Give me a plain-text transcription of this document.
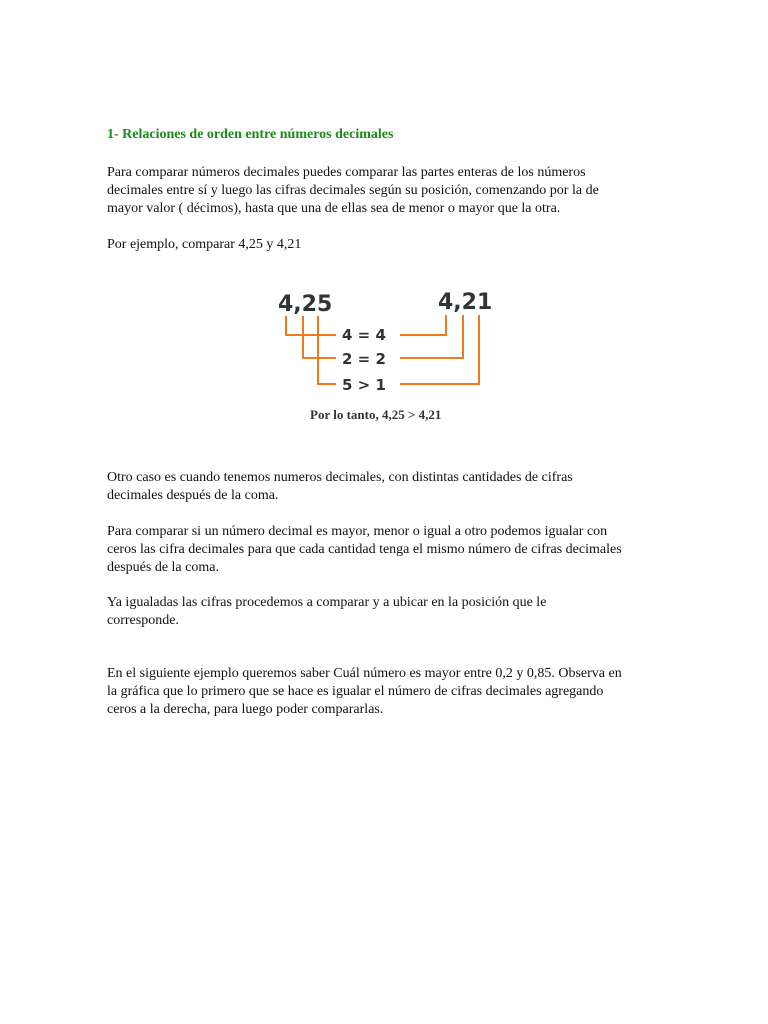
1- Relaciones de orden entre números decimales
Para comparar números decimales puedes comparar las partes enteras de los números
decimales entre sí y luego las cifras decimales según su posición, comenzando por la de
mayor valor ( décimos), hasta que una de ellas sea de menor o mayor que la otra.
Por ejemplo, comparar 4,25 y 4,21
4,25	4,21
4 = 4
2 = 2
5 > 1
Por lo tanto, 4,25 > 4,21
Otro caso es cuando tenemos numeros decimales, con distintas cantidades de cifras
decimales después de la coma.
Para comparar si un número decimal es mayor, menor o igual a otro podemos igualar con
ceros las cifra decimales para que cada cantidad tenga el mismo número de cifras decimales
después de la coma.
Ya igualadas las cifras procedemos a comparar y a ubicar en la posición que le
corresponde.
En el siguiente ejemplo queremos saber Cuál número es mayor entre 0,2 y 0,85. Observa en
la gráfica que lo primero que se hace es igualar el número de cifras decimales agregando
ceros a la derecha, para luego poder compararlas.
